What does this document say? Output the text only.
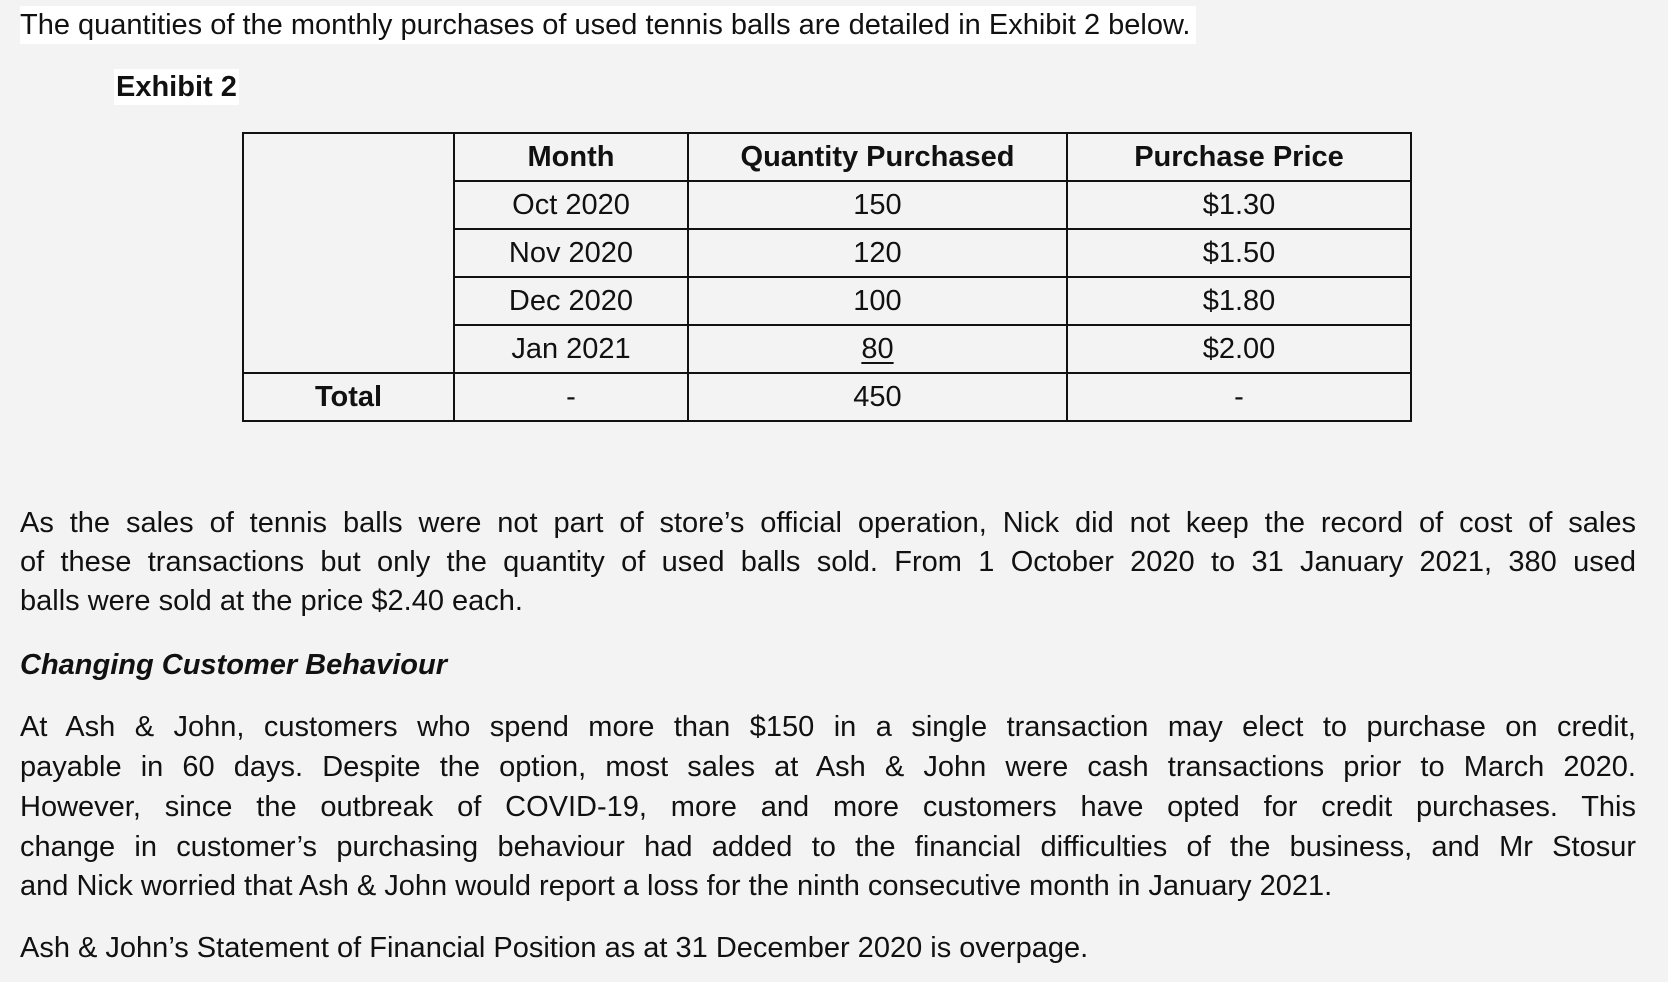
The quantities of the monthly purchases of used tennis balls are detailed in Exhibit 2 below.
Exhibit 2
	Month	Quantity Purchased	Purchase Price
	Oct 2020	150	$1.30
	Nov 2020	120	$1.50
	Dec 2020	100	$1.80
	Jan 2021	80	$2.00
Total	-	450	-
As the sales of tennis balls were not part of store’s official operation, Nick did not keep the record of cost of sales
of these transactions but only the quantity of used balls sold. From 1 October 2020 to 31 January 2021, 380 used
balls were sold at the price $2.40 each.
Changing Customer Behaviour
At Ash & John, customers who spend more than $150 in a single transaction may elect to purchase on credit,
payable in 60 days. Despite the option, most sales at Ash & John were cash transactions prior to March 2020.
However, since the outbreak of COVID-19, more and more customers have opted for credit purchases. This
change in customer’s purchasing behaviour had added to the financial difficulties of the business, and Mr Stosur
and Nick worried that Ash & John would report a loss for the ninth consecutive month in January 2021.
Ash & John’s Statement of Financial Position as at 31 December 2020 is overpage.
